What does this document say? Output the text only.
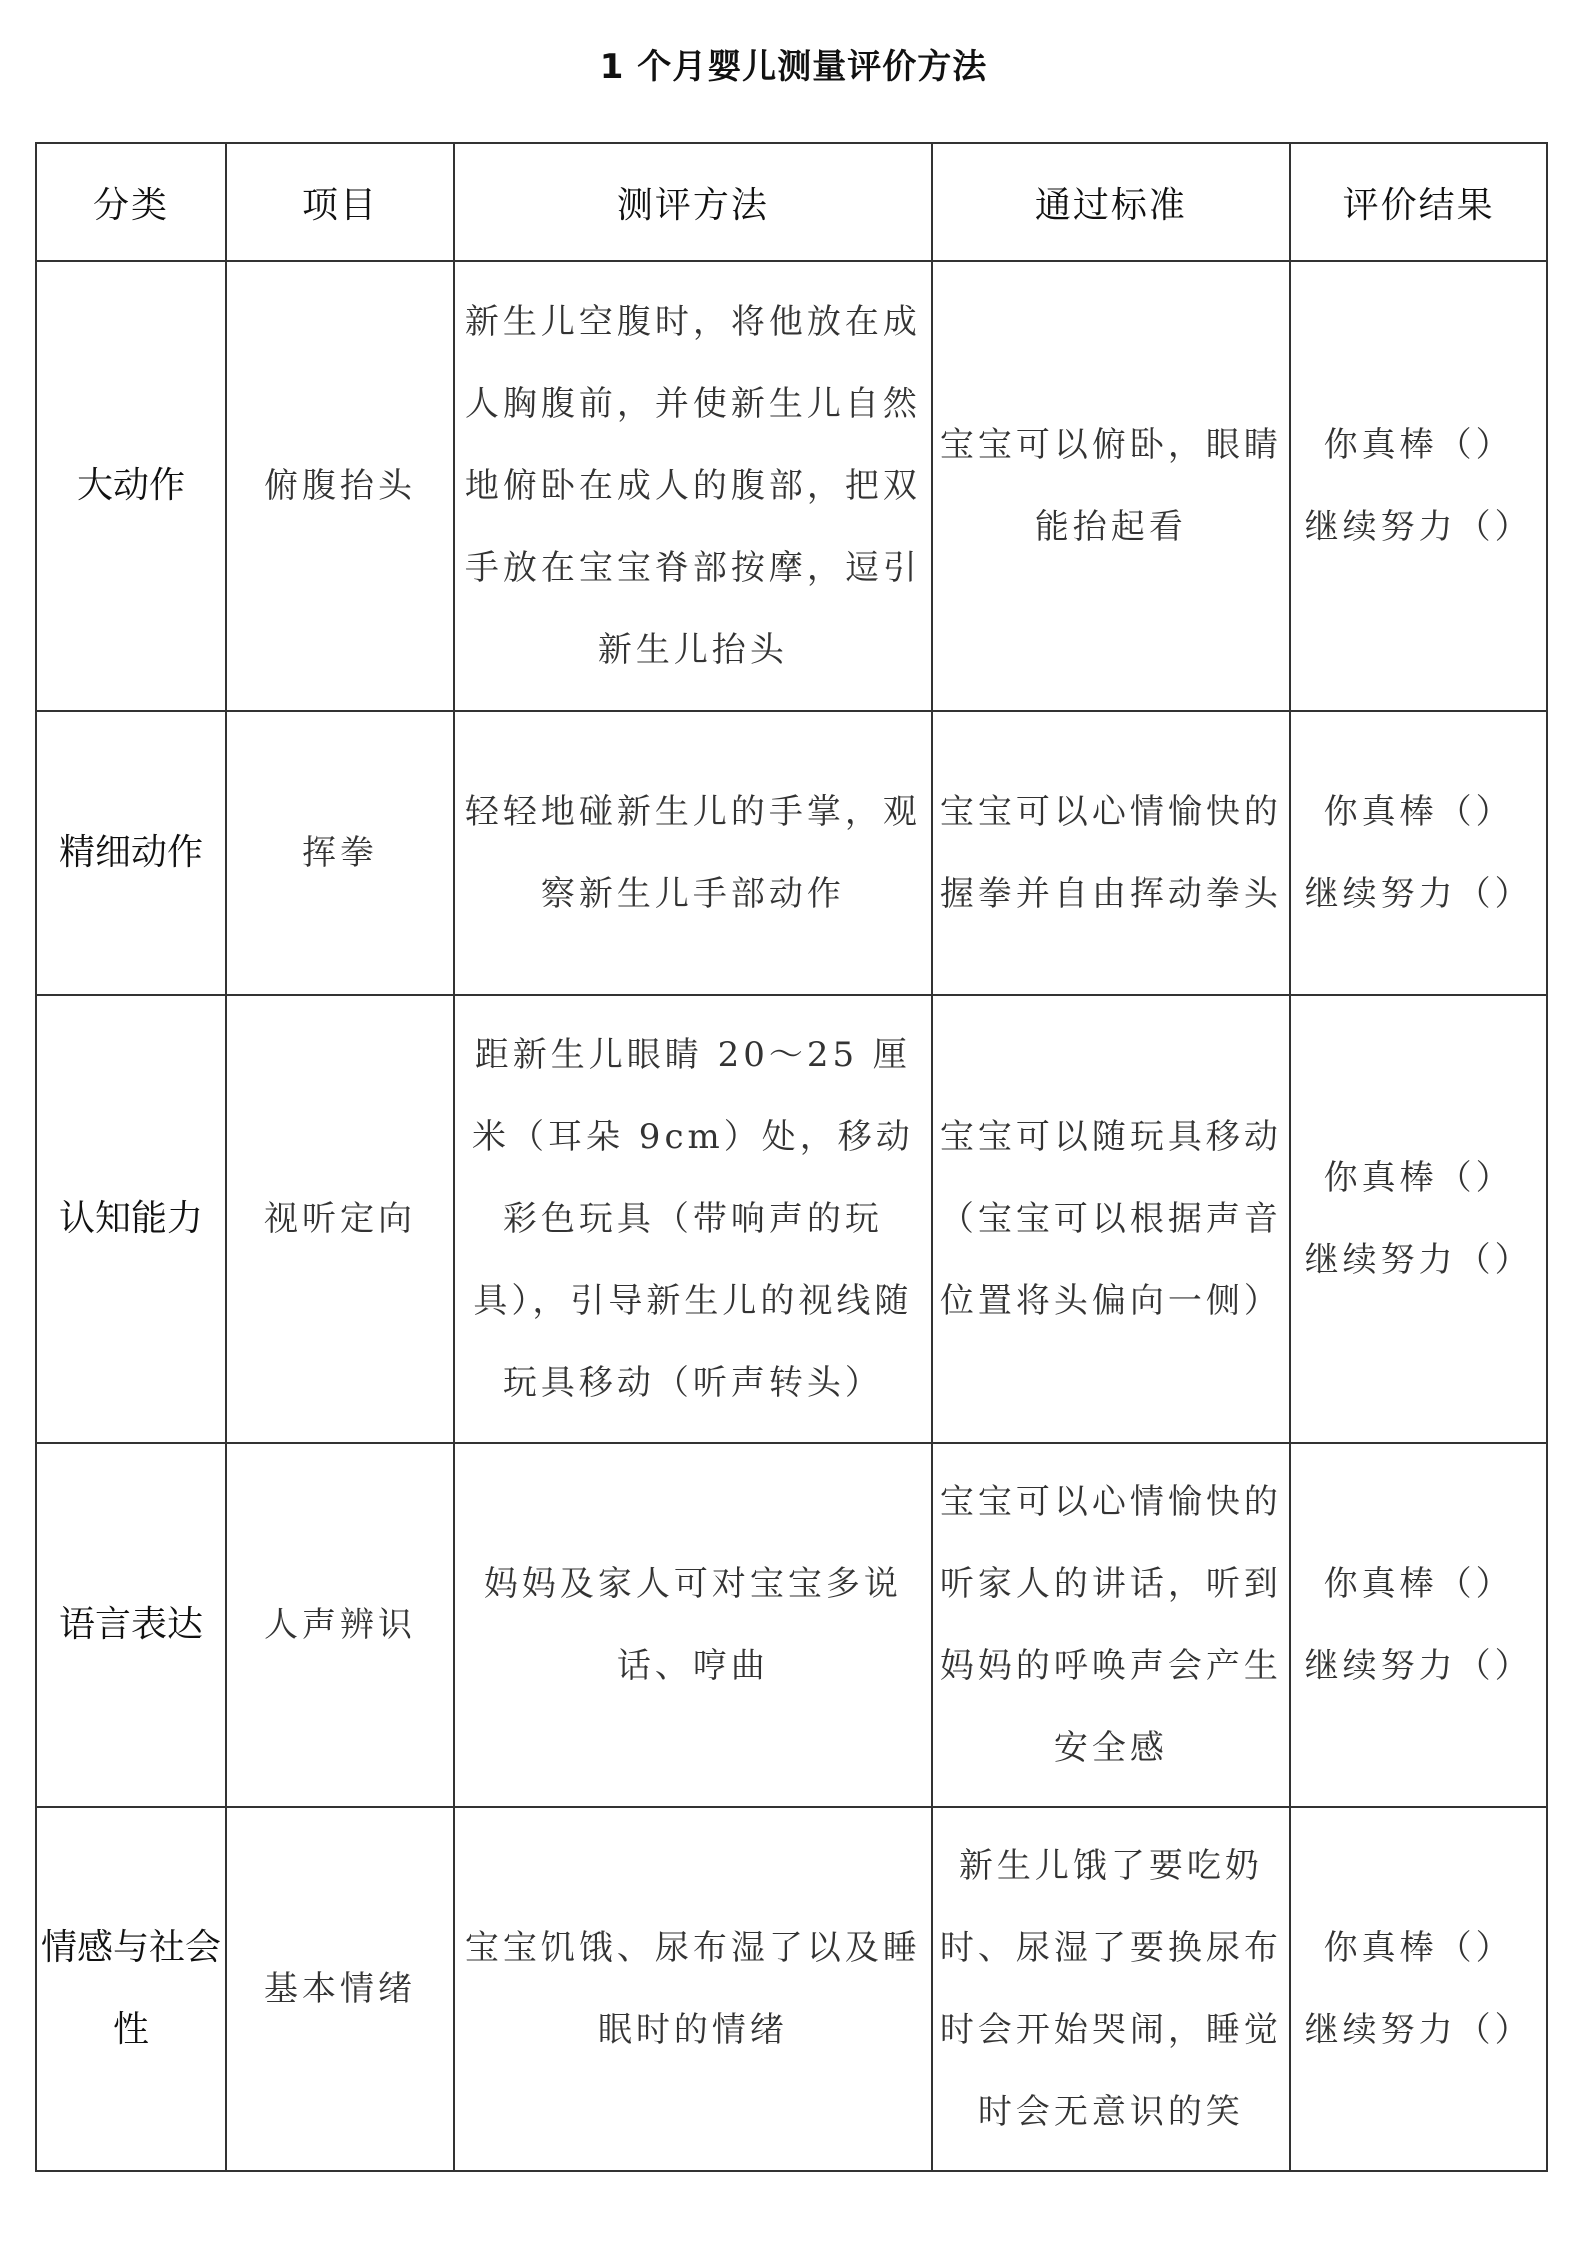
1 个月婴儿测量评价方法
分类	项目	测评方法	通过标准	评价结果
大动作	俯腹抬头	新生儿空腹时，将他放在成人胸腹前，并使新生儿自然地俯卧在成人的腹部，把双手放在宝宝脊部按摩，逗引新生儿抬头	宝宝可以俯卧，眼睛能抬起看	你真棒（）
继续努力（）

精细动作	挥拳	轻轻地碰新生儿的手掌，观察新生儿手部动作	宝宝可以心情愉快的握拳并自由挥动拳头	你真棒（）
继续努力（）

认知能力	视听定向	距新生儿眼睛 20～25 厘米（耳朵 9cm）处，移动彩色玩具（带响声的玩具），引导新生儿的视线随玩具移动（听声转头）	宝宝可以随玩具移动（宝宝可以根据声音位置将头偏向一侧）	你真棒（）
继续努力（）

语言表达	人声辨识	妈妈及家人可对宝宝多说话、哼曲	宝宝可以心情愉快的听家人的讲话，听到妈妈的呼唤声会产生安全感	你真棒（）
继续努力（）

情感与社会性	基本情绪	宝宝饥饿、尿布湿了以及睡眠时的情绪	新生儿饿了要吃奶时、尿湿了要换尿布时会开始哭闹，睡觉时会无意识的笑	你真棒（）
继续努力（）
